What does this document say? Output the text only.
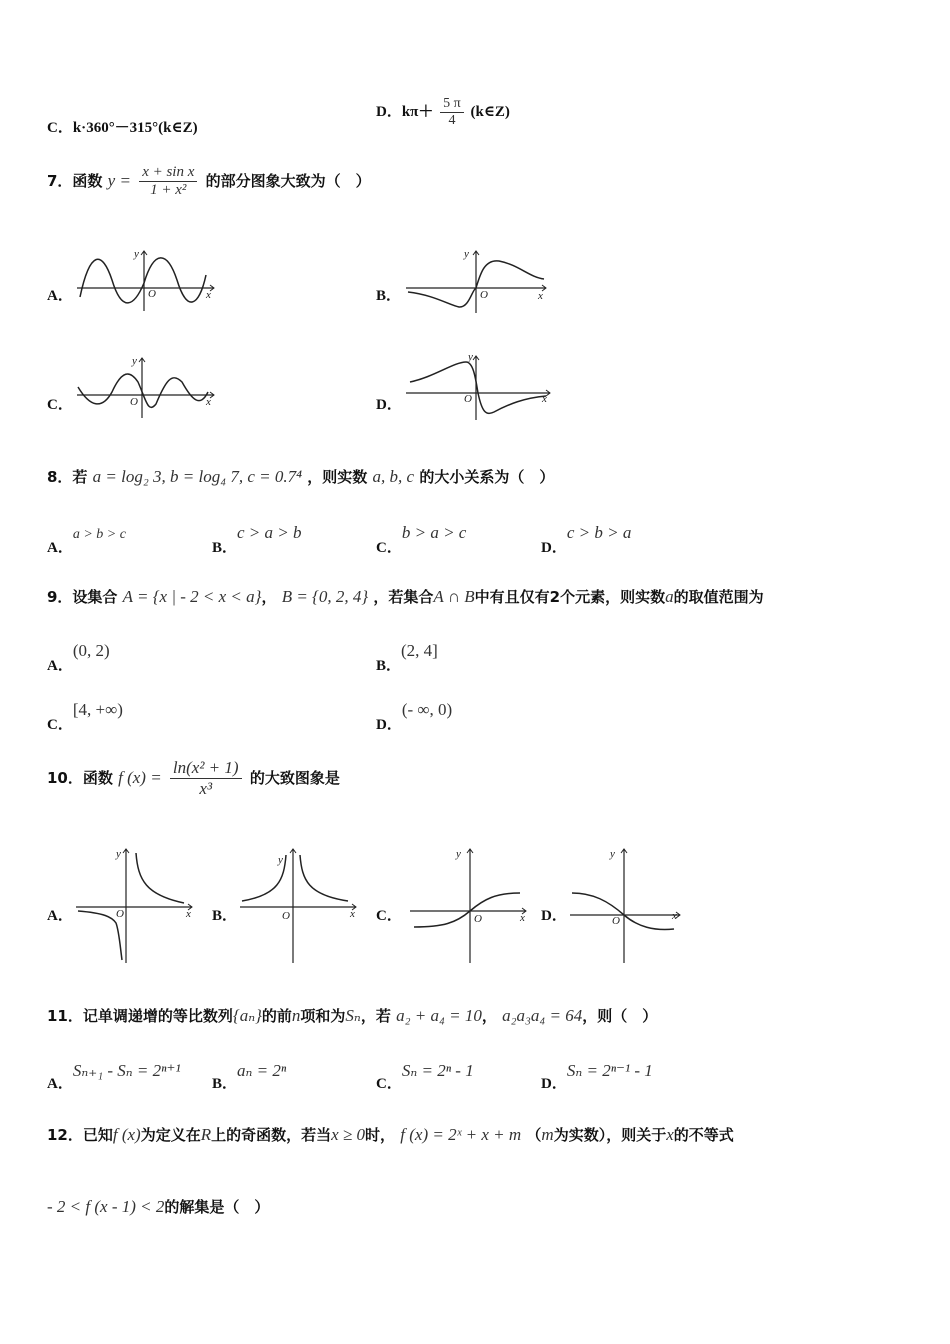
C．k·360°－315°(k∈Z)
D．$k\pi+ \frac{5 \pi}{4}$ (k∈Z)
7．函数 $y = \frac{\text{x + sin x}}{\text{1 + x²}}$ 的部分图象大致为（　）
A．	B．
C．	D．
O
y
x	O
y
x
O
y
x	O
y
x
8．若 a = log₂ 3, b = log₄ 7, c = 0.7⁴ ，则实数 a, b, c 的大小关系为（　）
A．a > b > c
B．c > a > b
C．b > a > c
D．c > b > a
9．设集合 A = {x | - 2 < x < a}， B = {0, 2, 4} ，若集合A ∩ B中有且仅有2个元素，则实数a的取值范围为
A．(0, 2)
B．(2, 4]
C．[4, +∞)
D．(- ∞, 0)
10．函数 f $(x) = \frac{\text{ln(x² + 1)}}{\text{x³}}$ 的大致图象是
A．	B．	C．	D．
O
y
x	O
y
x	O
y
x	O
y
x
11．记单调递增的等比数列{aₙ}的前n项和为Sₙ，若 a₂ + a₄ = 10， a₂a₃a₄ = 64，则（　）
A．Sₙ₊₁ - Sₙ = 2ⁿ⁺¹
B．aₙ = 2ⁿ
C．Sₙ = 2ⁿ - 1
D．Sₙ = 2ⁿ⁻¹ - 1
12．已知f (x)为定义在R上的奇函数，若当x ≥ 0时， f (x) = 2ˣ + x + m （m为实数），则关于x的不等式
- 2 < f (x - 1) < 2的解集是（　）
